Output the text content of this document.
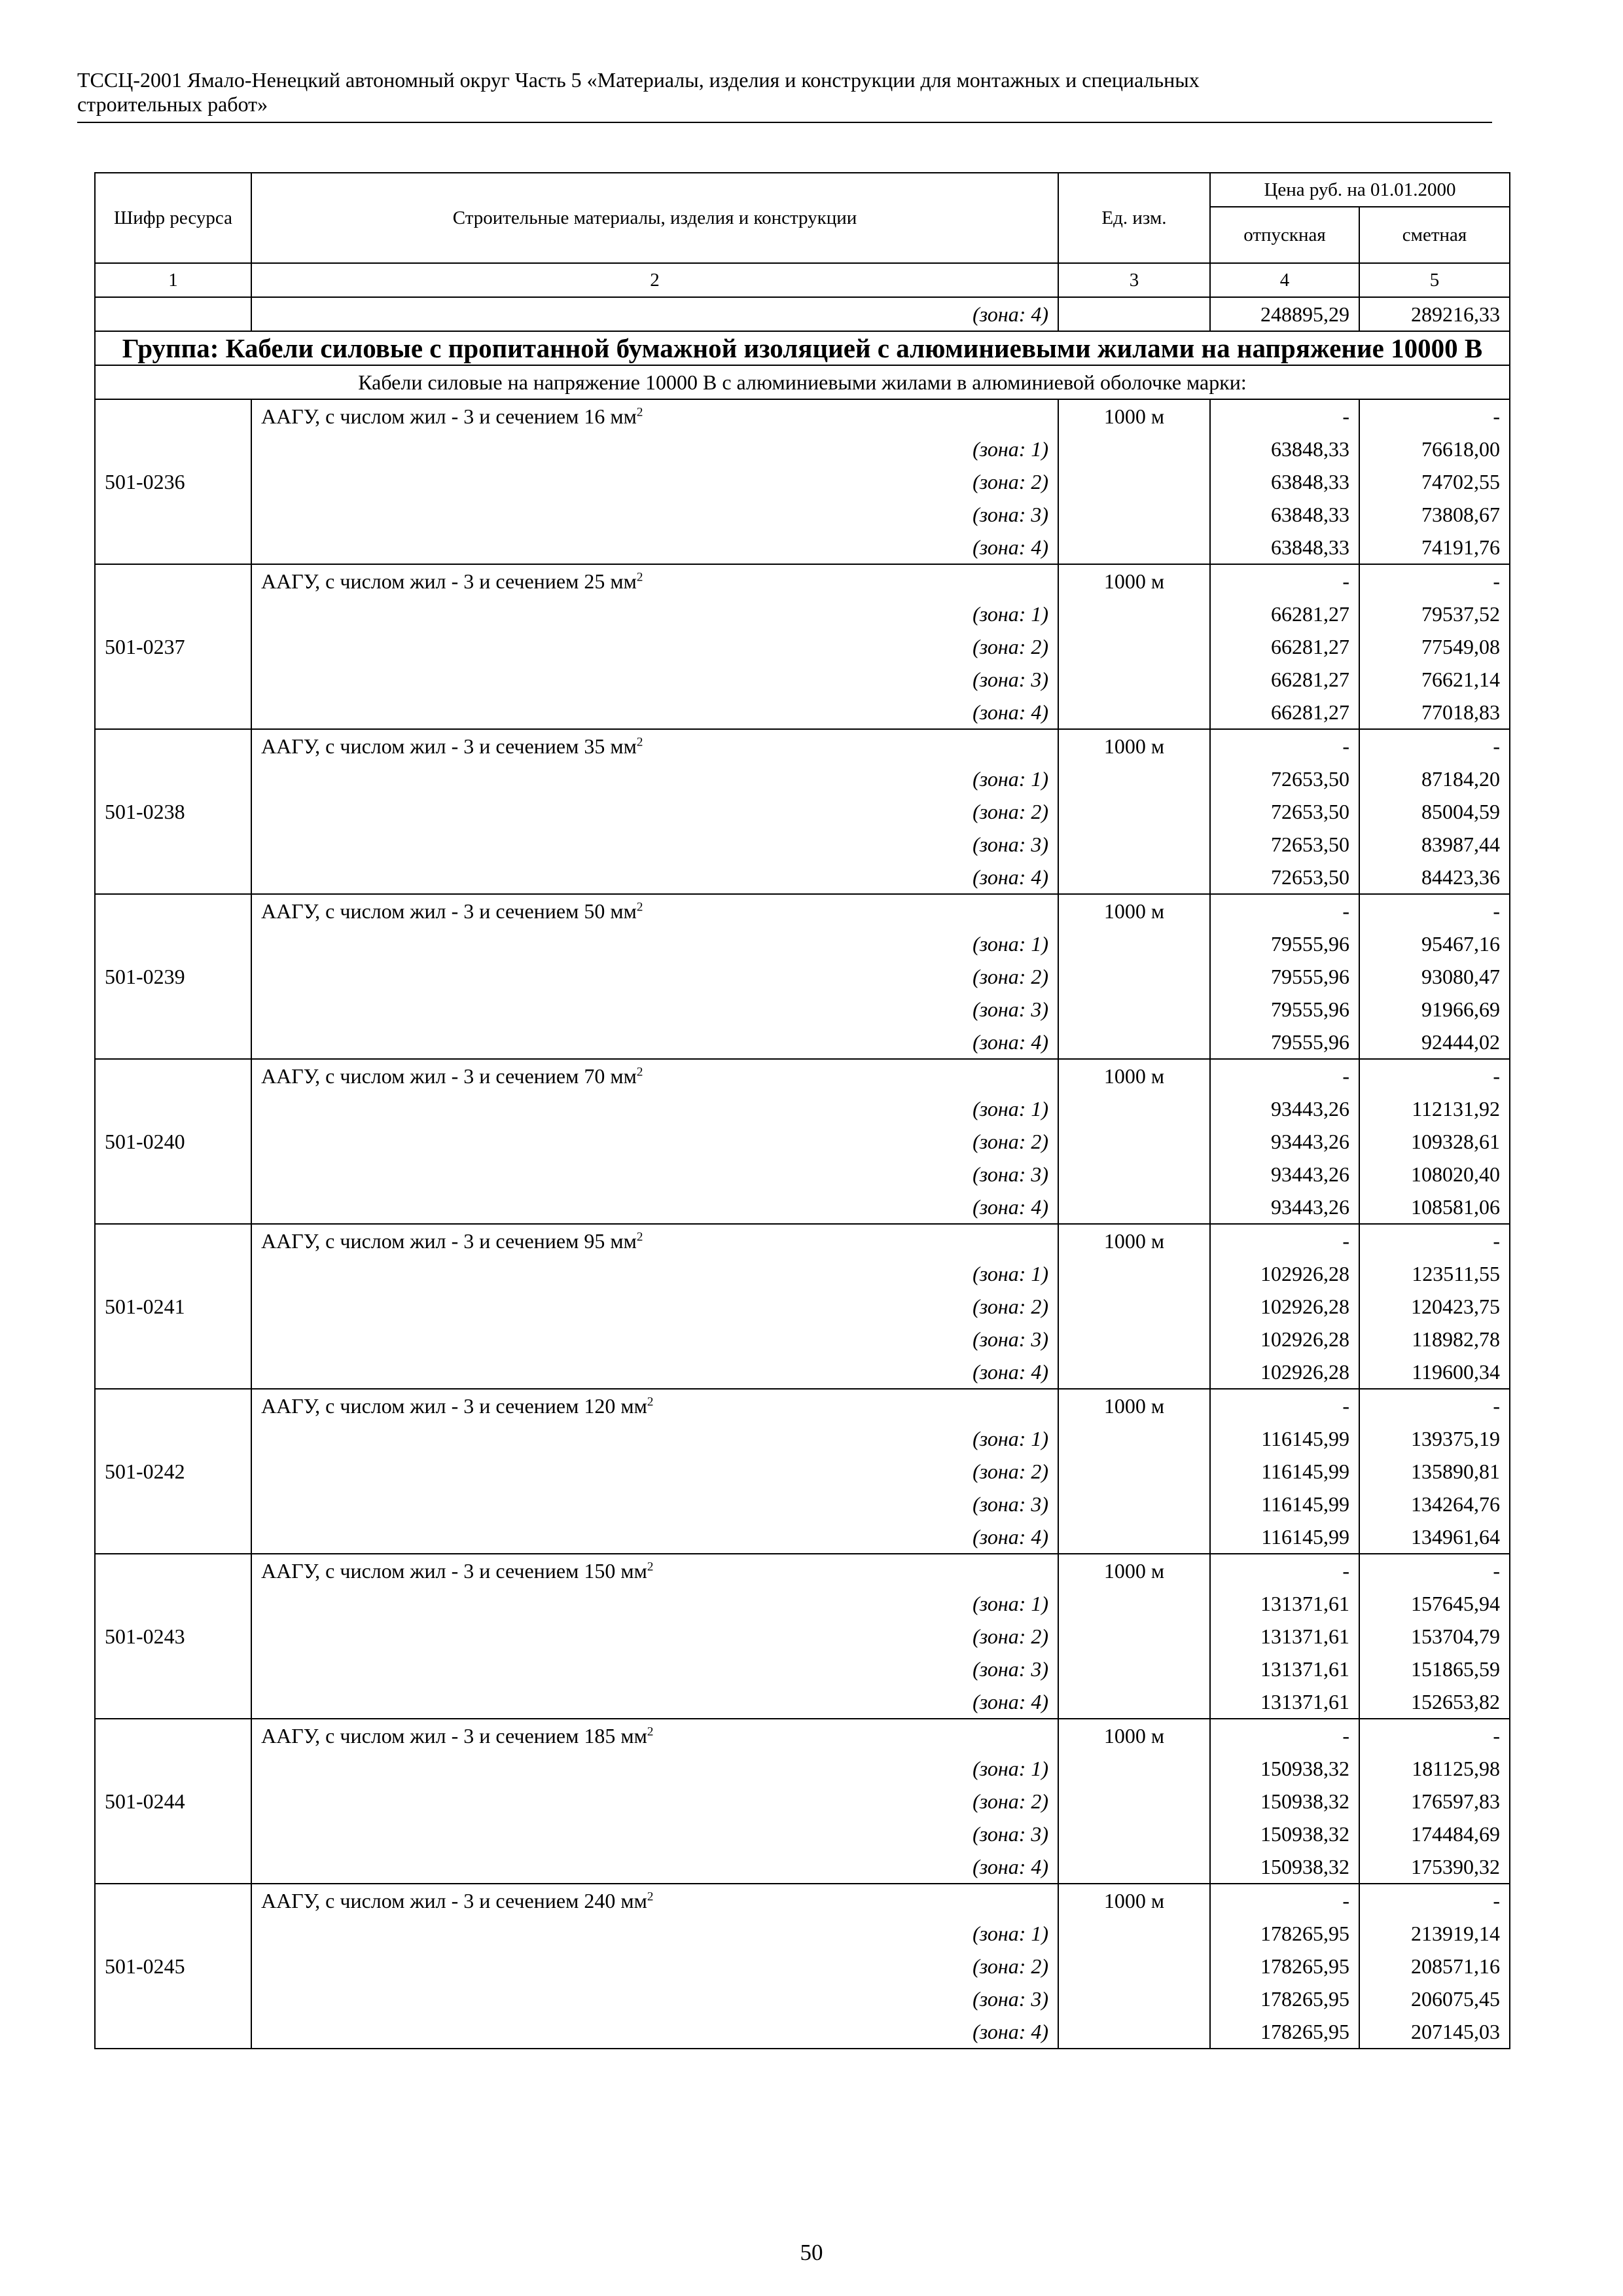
ТССЦ-2001 Ямало-Ненецкий автономный округ Часть 5 «Материалы, изделия и конструкции для монтажных и специальных
строительных работ»
Шифр ресурса	Строительные материалы, изделия и конструкции	Ед. изм.	Цена руб. на 01.01.2000	
			отпускная	сметная
1	2	3	4	5
	(зона: 4)		248895,29	289216,33
Группа: Кабели силовые с пропитанной бумажной изоляцией с алюминиевыми жилами на напряжение 10000 В				
Кабели силовые на напряжение 10000 В с алюминиевыми жилами в алюминиевой оболочке марки:				
501-0236	ААГУ, с числом жил - 3 и сечением 16 $мм^2$	1000 м	-	-
	(зона: 1)		63848,33	76618,00
	(зона: 2)		63848,33	74702,55
	(зона: 3)		63848,33	73808,67
	(зона: 4)		63848,33	74191,76
501-0237	ААГУ, с числом жил - 3 и сечением 25 $мм^2$	1000 м	-	-
	(зона: 1)		66281,27	79537,52
	(зона: 2)		66281,27	77549,08
	(зона: 3)		66281,27	76621,14
	(зона: 4)		66281,27	77018,83
501-0238	ААГУ, с числом жил - 3 и сечением 35 $мм^2$	1000 м	-	-
	(зона: 1)		72653,50	87184,20
	(зона: 2)		72653,50	85004,59
	(зона: 3)		72653,50	83987,44
	(зона: 4)		72653,50	84423,36
501-0239	ААГУ, с числом жил - 3 и сечением 50 $мм^2$	1000 м	-	-
	(зона: 1)		79555,96	95467,16
	(зона: 2)		79555,96	93080,47
	(зона: 3)		79555,96	91966,69
	(зона: 4)		79555,96	92444,02
501-0240	ААГУ, с числом жил - 3 и сечением 70 $мм^2$	1000 м	-	-
	(зона: 1)		93443,26	112131,92
	(зона: 2)		93443,26	109328,61
	(зона: 3)		93443,26	108020,40
	(зона: 4)		93443,26	108581,06
501-0241	ААГУ, с числом жил - 3 и сечением 95 $мм^2$	1000 м	-	-
	(зона: 1)		102926,28	123511,55
	(зона: 2)		102926,28	120423,75
	(зона: 3)		102926,28	118982,78
	(зона: 4)		102926,28	119600,34
501-0242	ААГУ, с числом жил - 3 и сечением 120 $мм^2$	1000 м	-	-
	(зона: 1)		116145,99	139375,19
	(зона: 2)		116145,99	135890,81
	(зона: 3)		116145,99	134264,76
	(зона: 4)		116145,99	134961,64
501-0243	ААГУ, с числом жил - 3 и сечением 150 $мм^2$	1000 м	-	-
	(зона: 1)		131371,61	157645,94
	(зона: 2)		131371,61	153704,79
	(зона: 3)		131371,61	151865,59
	(зона: 4)		131371,61	152653,82
501-0244	ААГУ, с числом жил - 3 и сечением 185 $мм^2$	1000 м	-	-
	(зона: 1)		150938,32	181125,98
	(зона: 2)		150938,32	176597,83
	(зона: 3)		150938,32	174484,69
	(зона: 4)		150938,32	175390,32
501-0245	ААГУ, с числом жил - 3 и сечением 240 $мм^2$	1000 м	-	-
	(зона: 1)		178265,95	213919,14
	(зона: 2)		178265,95	208571,16
	(зона: 3)		178265,95	206075,45
	(зона: 4)		178265,95	207145,03
50
